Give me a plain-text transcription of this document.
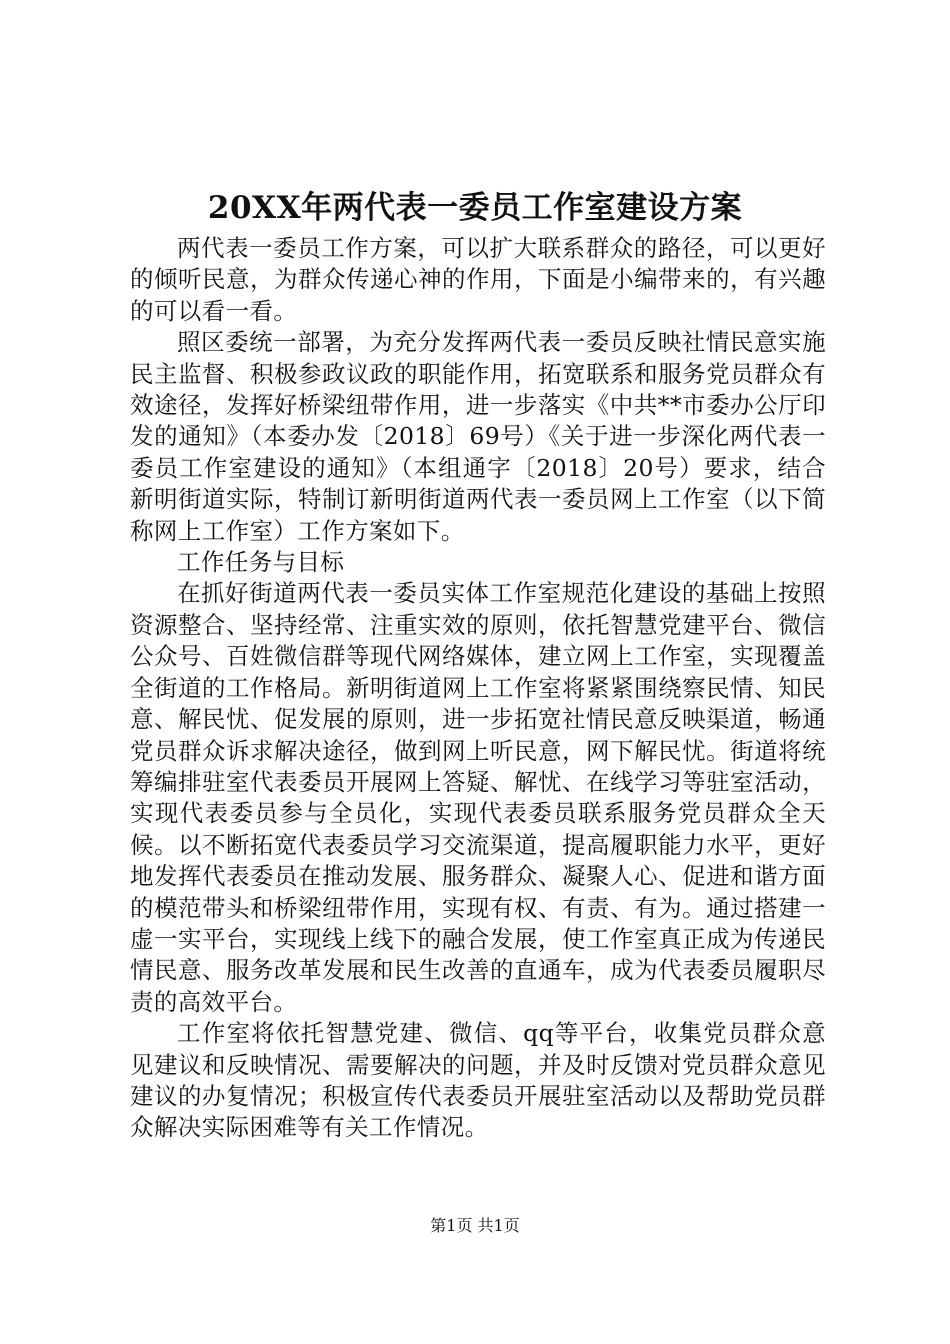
20XX年两代表一委员工作室建设方案

两代表一委员工作方案，可以扩大联系群众的路径，可以更好的倾听民意，为群众传递心神的作用，下面是小编带来的，有兴趣的可以看一看。

照区委统一部署，为充分发挥两代表一委员反映社情民意实施民主监督、积极参政议政的职能作用，拓宽联系和服务党员群众有效途径，发挥好桥梁纽带作用，进一步落实《中共**市委办公厅印发的通知》（本委办发〔2018〕69号）《关于进一步深化两代表一委员工作室建设的通知》（本组通字〔2018〕20号）要求，结合新明街道实际，特制订新明街道两代表一委员网上工作室（以下简称网上工作室）工作方案如下。

工作任务与目标

在抓好街道两代表一委员实体工作室规范化建设的基础上按照资源整合、坚持经常、注重实效的原则，依托智慧党建平台、微信公众号、百姓微信群等现代网络媒体，建立网上工作室，实现覆盖全街道的工作格局。新明街道网上工作室将紧紧围绕察民情、知民意、解民忧、促发展的原则，进一步拓宽社情民意反映渠道，畅通党员群众诉求解决途径，做到网上听民意，网下解民忧。街道将统筹编排驻室代表委员开展网上答疑、解忧、在线学习等驻室活动，实现代表委员参与全员化，实现代表委员联系服务党员群众全天候。以不断拓宽代表委员学习交流渠道，提高履职能力水平，更好地发挥代表委员在推动发展、服务群众、凝聚人心、促进和谐方面的模范带头和桥梁纽带作用，实现有权、有责、有为。通过搭建一虚一实平台，实现线上线下的融合发展，使工作室真正成为传递民情民意、服务改革发展和民生改善的直通车，成为代表委员履职尽责的高效平台。

工作室将依托智慧党建、微信、qq等平台，收集党员群众意见建议和反映情况、需要解决的问题，并及时反馈对党员群众意见建议的办复情况；积极宣传代表委员开展驻室活动以及帮助党员群众解决实际困难等有关工作情况。

第1页 共1页
